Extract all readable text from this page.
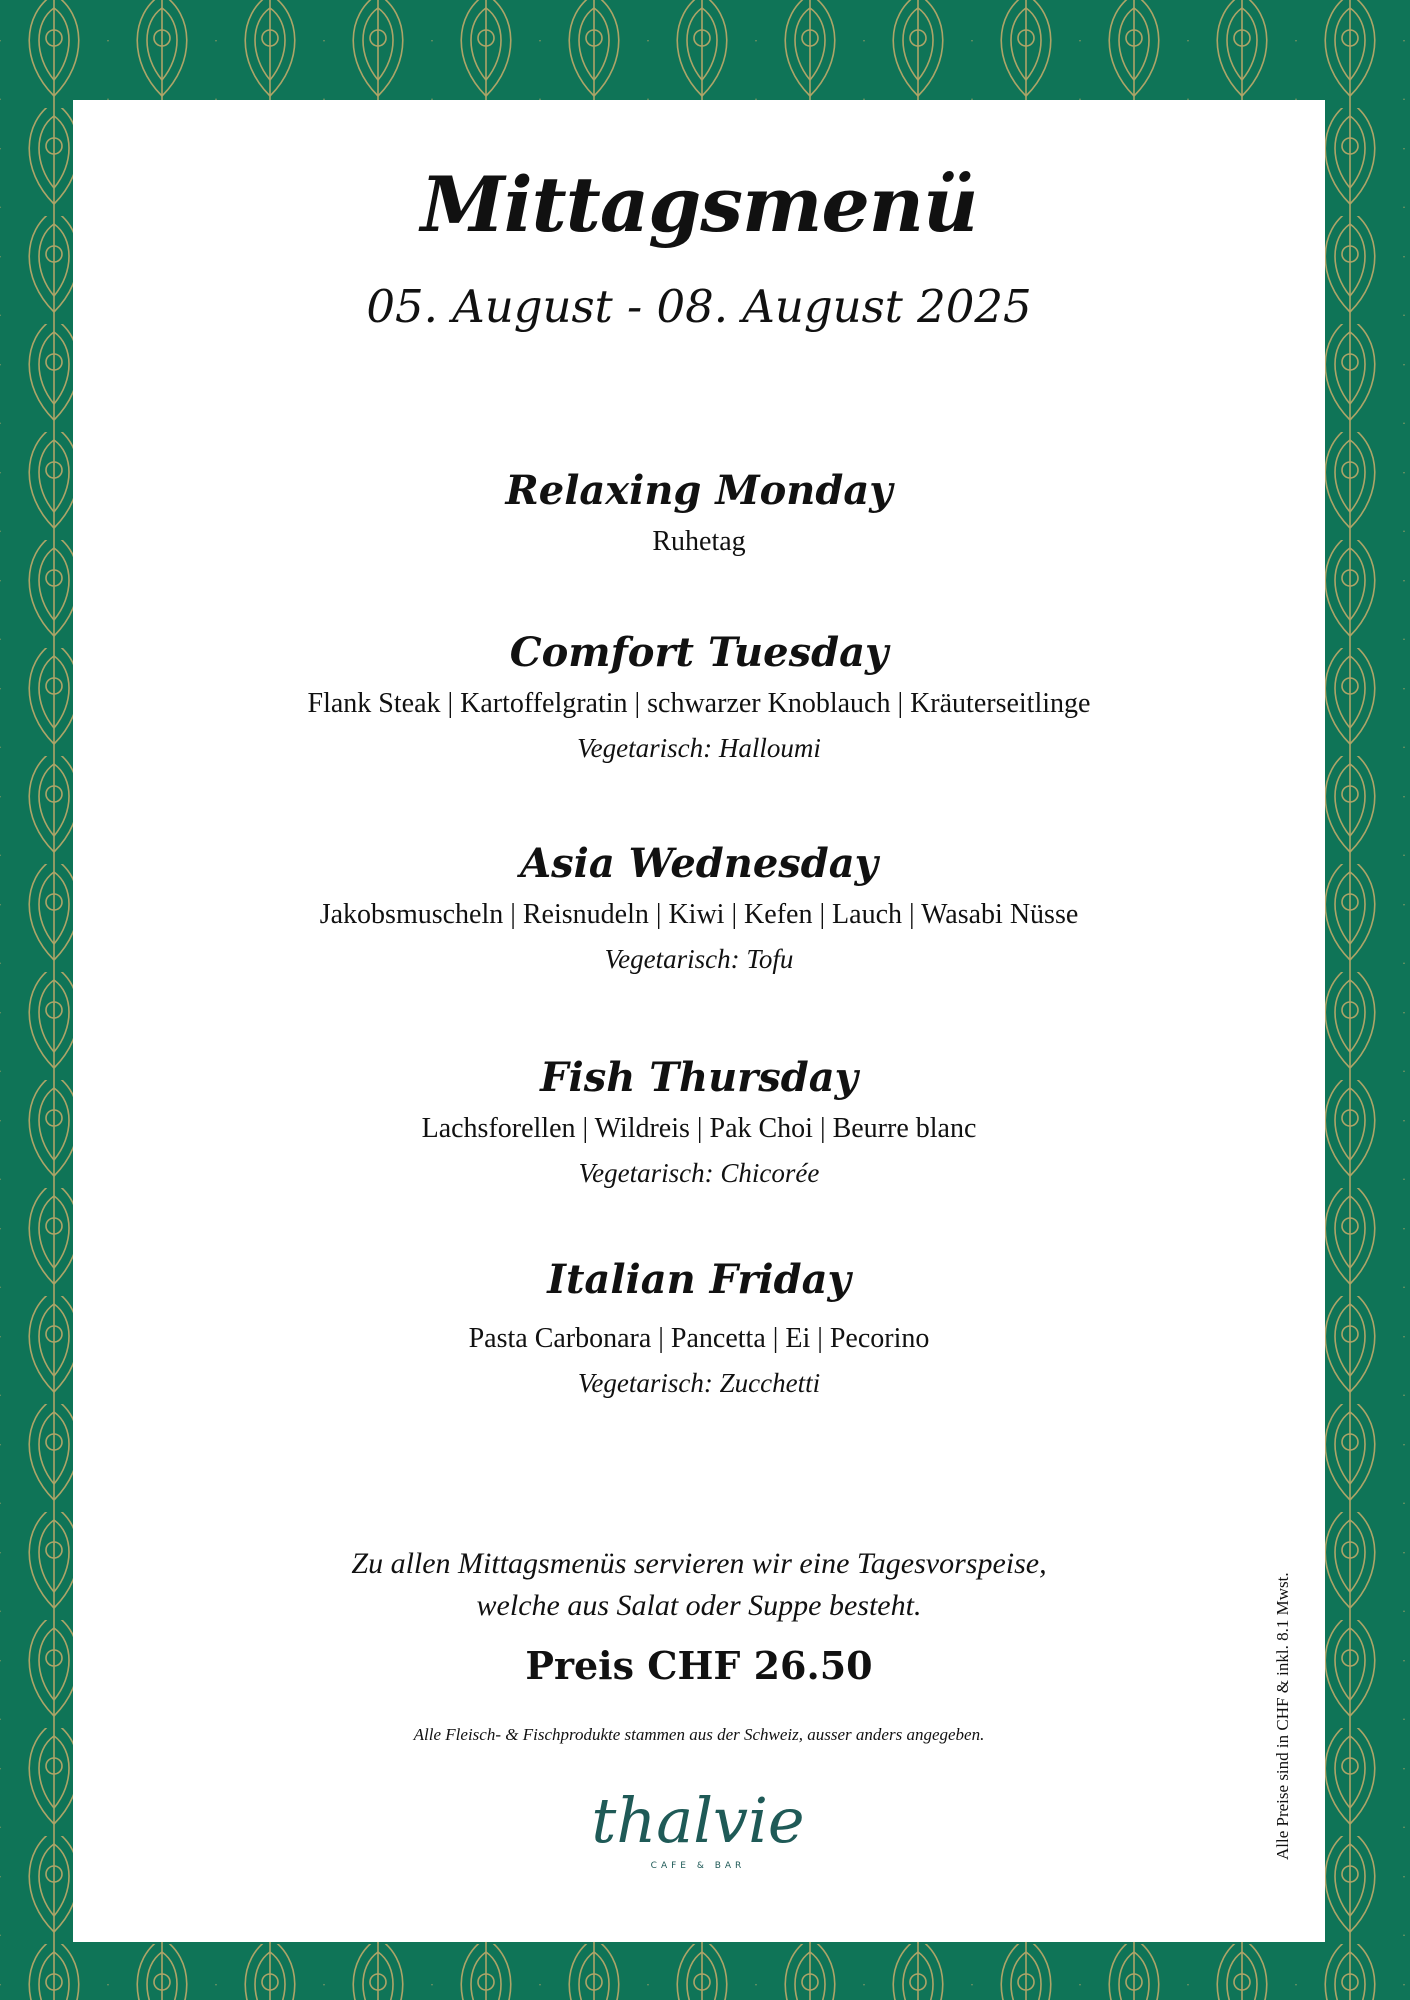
Mittagsmenü
05. August - 08. August 2025
Relaxing Monday
Ruhetag
Comfort Tuesday
Flank Steak | Kartoffelgratin | schwarzer Knoblauch | Kräuterseitlinge
Vegetarisch: Halloumi
Asia Wednesday
Jakobsmuscheln | Reisnudeln | Kiwi | Kefen | Lauch | Wasabi Nüsse
Vegetarisch: Tofu
Fish Thursday
Lachsforellen | Wildreis | Pak Choi | Beurre blanc
Vegetarisch: Chicorée
Italian Friday
Pasta Carbonara | Pancetta | Ei | Pecorino
Vegetarisch: Zucchetti
Zu allen Mittagsmenüs servieren wir eine Tagesvorspeise,
welche aus Salat oder Suppe besteht.
Preis CHF 26.50
Alle Fleisch- & Fischprodukte stammen aus der Schweiz, ausser anders angegeben.
thalvie
CAFE & BAR
Alle Preise sind in CHF & inkl. 8.1 Mwst.
